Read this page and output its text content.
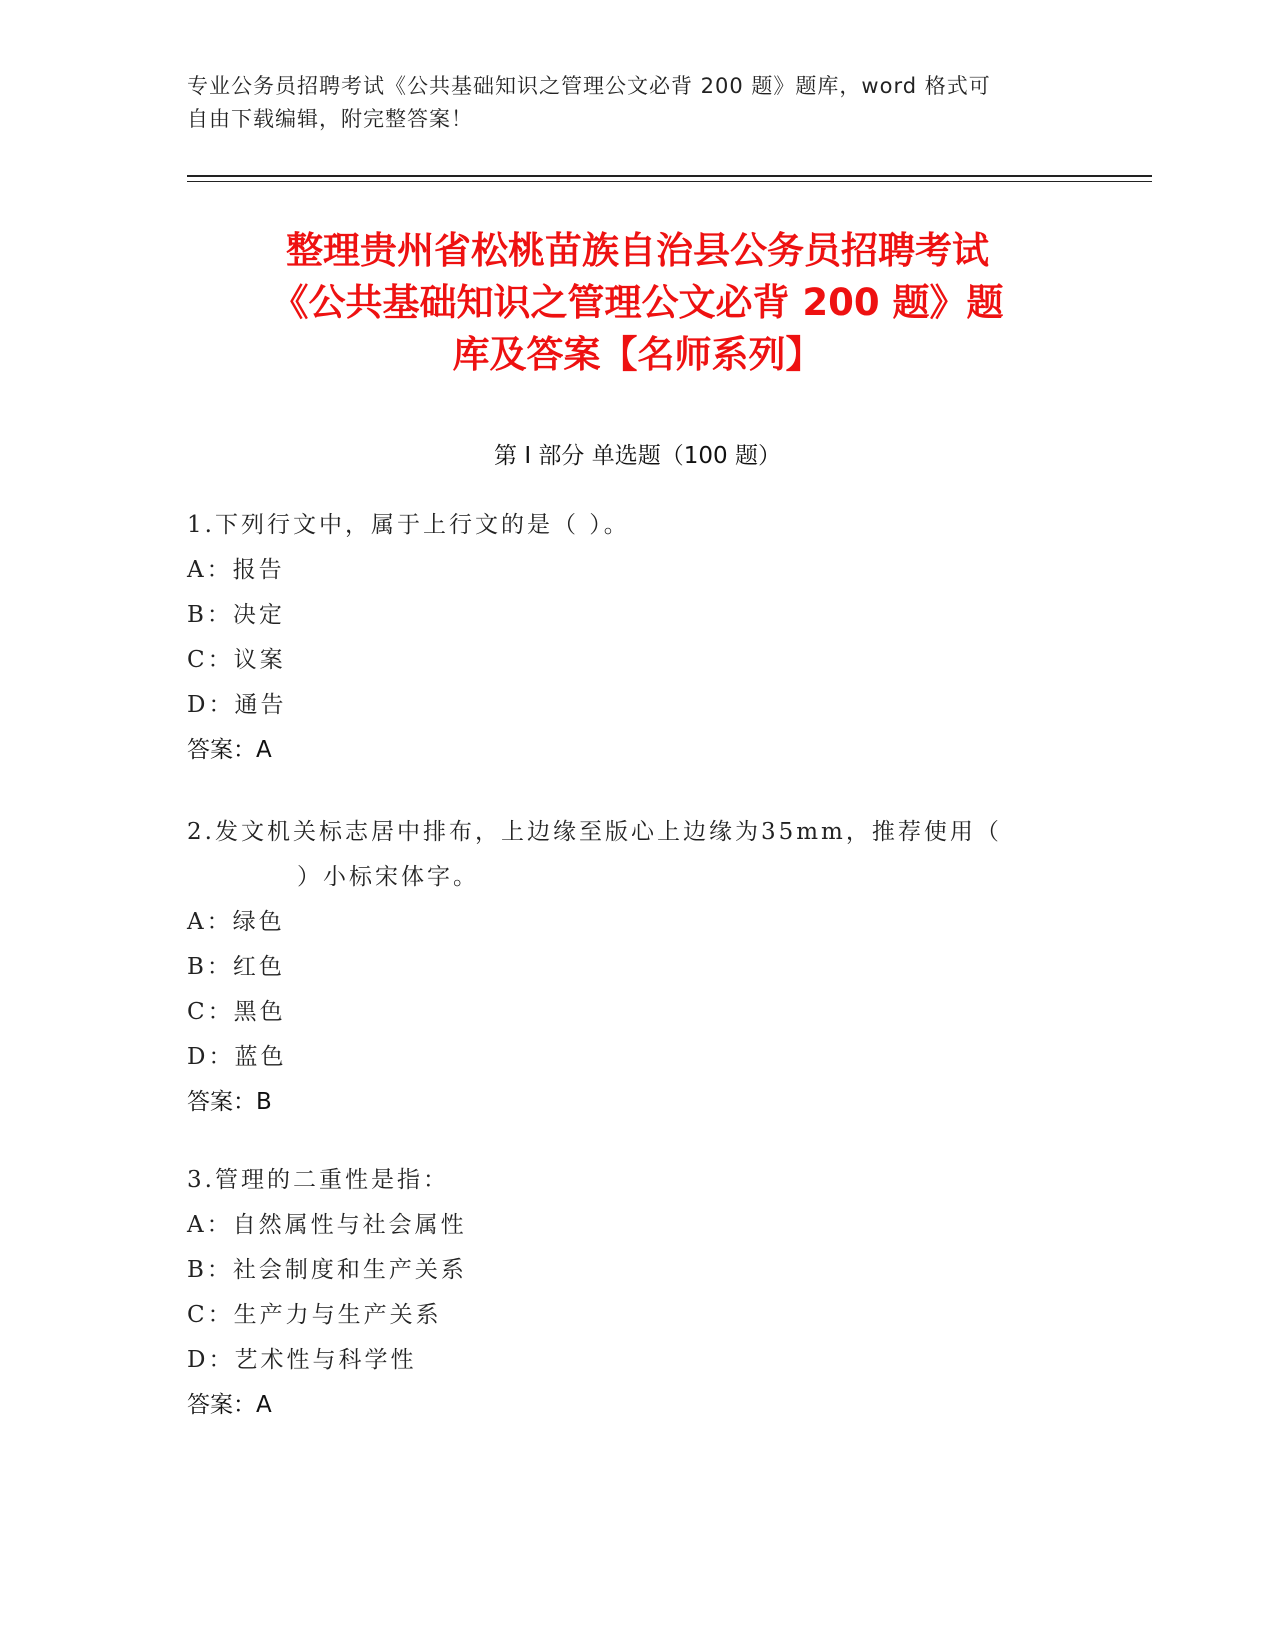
专业公务员招聘考试《公共基础知识之管理公文必背 200 题》题库，word 格式可
自由下载编辑，附完整答案！
整理贵州省松桃苗族自治县公务员招聘考试
《公共基础知识之管理公文必背 200 题》题
库及答案【名师系列】
第 I 部分 单选题（100 题）
1.下列行文中，属于上行文的是（ ）。
A：报告
B：决定
C：议案
D：通告
答案：A
2.发文机关标志居中排布，上边缘至版心上边缘为35mm，推荐使用（
）小标宋体字。
A：绿色
B：红色
C：黑色
D：蓝色
答案：B
3.管理的二重性是指：
A：自然属性与社会属性
B：社会制度和生产关系
C：生产力与生产关系
D：艺术性与科学性
答案：A
